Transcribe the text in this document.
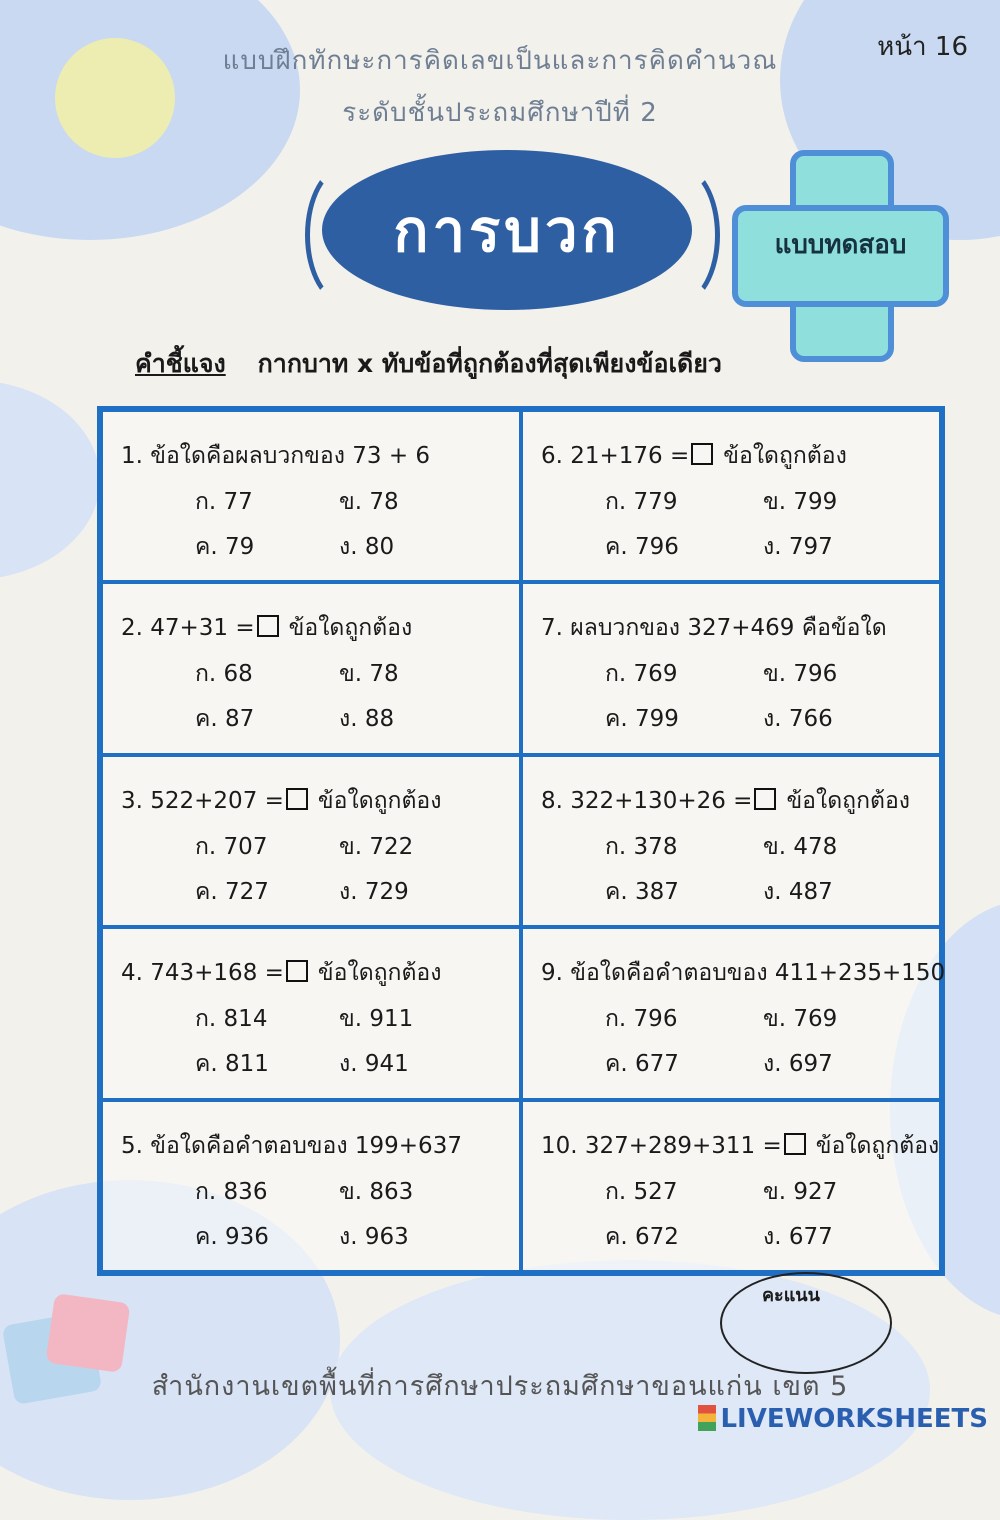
หน้า 16
แบบฝึกทักษะการคิดเลขเป็นและการคิดคำนวณ
ระดับชั้นประถมศึกษาปีที่ 2
การบวก	แบบทดสอบ
คำชี้แจง กากบาท x ทับข้อที่ถูกต้องที่สุดเพียงข้อเดียว
1. ข้อใดคือผลบวกของ 73 + 6
ก. 77	ข. 78
ค. 79	ง. 80
6. 21+176 = ข้อใดถูกต้อง
ก. 779	ข. 799
ค. 796	ง. 797
2. 47+31 = ข้อใดถูกต้อง
ก. 68	ข. 78
ค. 87	ง. 88
7. ผลบวกของ 327+469 คือข้อใด
ก. 769	ข. 796
ค. 799	ง. 766
3. 522+207 = ข้อใดถูกต้อง
ก. 707	ข. 722
ค. 727	ง. 729
8. 322+130+26 = ข้อใดถูกต้อง
ก. 378	ข. 478
ค. 387	ง. 487
4. 743+168 = ข้อใดถูกต้อง
ก. 814	ข. 911
ค. 811	ง. 941
9. ข้อใดคือคำตอบของ 411+235+150
ก. 796	ข. 769
ค. 677	ง. 697
5. ข้อใดคือคำตอบของ 199+637
ก. 836	ข. 863
ค. 936	ง. 963
10. 327+289+311 = ข้อใดถูกต้อง
ก. 527	ข. 927
ค. 672	ง. 677
คะแนน
สำนักงานเขตพื้นที่การศึกษาประถมศึกษาขอนแก่น เขต 5
LIVEWORKSHEETS
